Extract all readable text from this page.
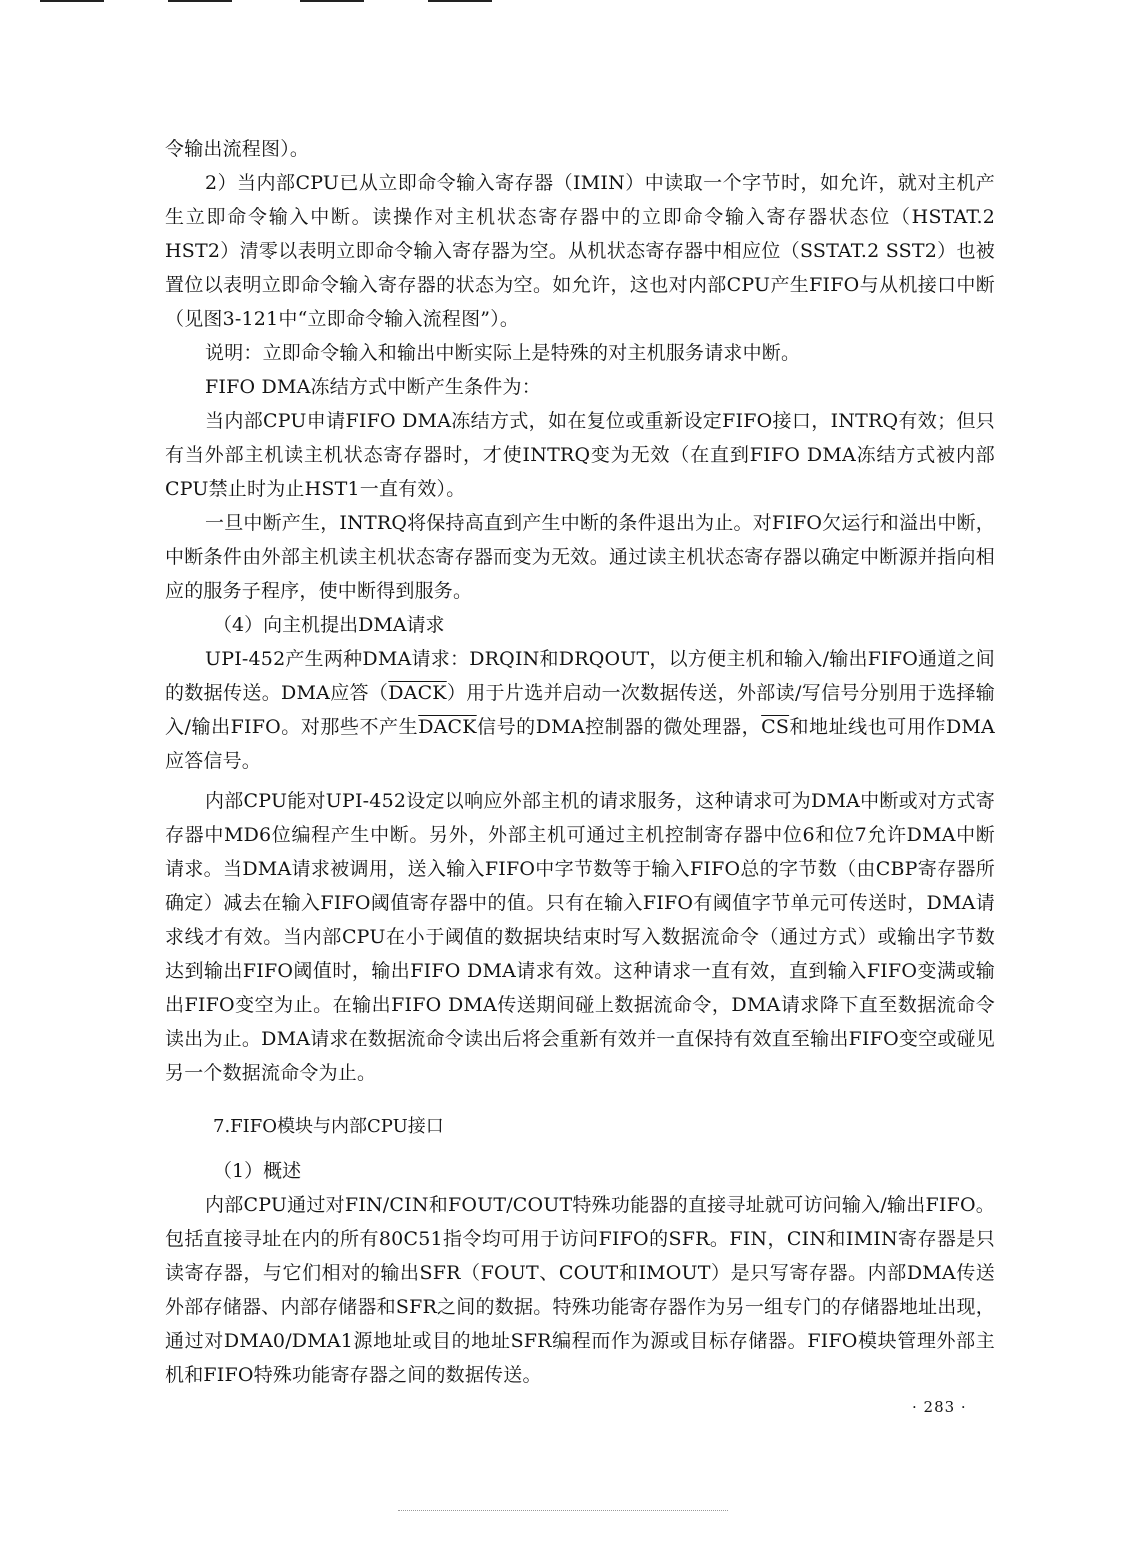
令输出流程图）。

2）当内部CPU已从立即命令输入寄存器（IMIN）中读取一个字节时，如允许，就对主机产生立即命令输入中断。读操作对主机状态寄存器中的立即命令输入寄存器状态位（HSTAT.2 HST2）清零以表明立即命令输入寄存器为空。从机状态寄存器中相应位（SSTAT.2 SST2）也被置位以表明立即命令输入寄存器的状态为空。如允许，这也对内部CPU产生FIFO与从机接口中断（见图3-121中“立即命令输入流程图”）。

说明：立即命令输入和输出中断实际上是特殊的对主机服务请求中断。

FIFO DMA冻结方式中断产生条件为：

当内部CPU申请FIFO DMA冻结方式，如在复位或重新设定FIFO接口，INTRQ有效；但只有当外部主机读主机状态寄存器时，才使INTRQ变为无效（在直到FIFO DMA冻结方式被内部CPU禁止时为止HST1一直有效）。

一旦中断产生，INTRQ将保持高直到产生中断的条件退出为止。对FIFO欠运行和溢出中断，中断条件由外部主机读主机状态寄存器而变为无效。通过读主机状态寄存器以确定中断源并指向相应的服务子程序，使中断得到服务。

（4）向主机提出DMA请求

UPI-452产生两种DMA请求：DRQIN和DRQOUT，以方便主机和输入/输出FIFO通道之间的数据传送。DMA应答（DACK）用于片选并启动一次数据传送，外部读/写信号分别用于选择输入/输出FIFO。对那些不产生DACK信号的DMA控制器的微处理器，$\overline{CS}$和地址线也可用作DMA应答信号。

内部CPU能对UPI-452设定以响应外部主机的请求服务，这种请求可为DMA中断或对方式寄存器中MD6位编程产生中断。另外，外部主机可通过主机控制寄存器中位6和位7允许DMA中断请求。当DMA请求被调用，送入输入FIFO中字节数等于输入FIFO总的字节数（由CBP寄存器所确定）减去在输入FIFO阈值寄存器中的值。只有在输入FIFO有阈值字节单元可传送时，DMA请求线才有效。当内部CPU在小于阈值的数据块结束时写入数据流命令（通过方式）或输出字节数达到输出FIFO阈值时，输出FIFO DMA请求有效。这种请求一直有效，直到输入FIFO变满或输出FIFO变空为止。在输出FIFO DMA传送期间碰上数据流命令，DMA请求降下直至数据流命令读出为止。DMA请求在数据流命令读出后将会重新有效并一直保持有效直至输出FIFO变空或碰见另一个数据流命令为止。

7.FIFO模块与内部CPU接口

（1）概述

内部CPU通过对FIN/CIN和FOUT/COUT特殊功能器的直接寻址就可访问输入/输出FIFO。包括直接寻址在内的所有80C51指令均可用于访问FIFO的SFR。FIN，CIN和IMIN寄存器是只读寄存器，与它们相对的输出SFR（FOUT、COUT和IMOUT）是只写寄存器。内部DMA传送外部存储器、内部存储器和SFR之间的数据。特殊功能寄存器作为另一组专门的存储器地址出现，通过对DMA0/DMA1源地址或目的地址SFR编程而作为源或目标存储器。FIFO模块管理外部主机和FIFO特殊功能寄存器之间的数据传送。

· 283 ·
